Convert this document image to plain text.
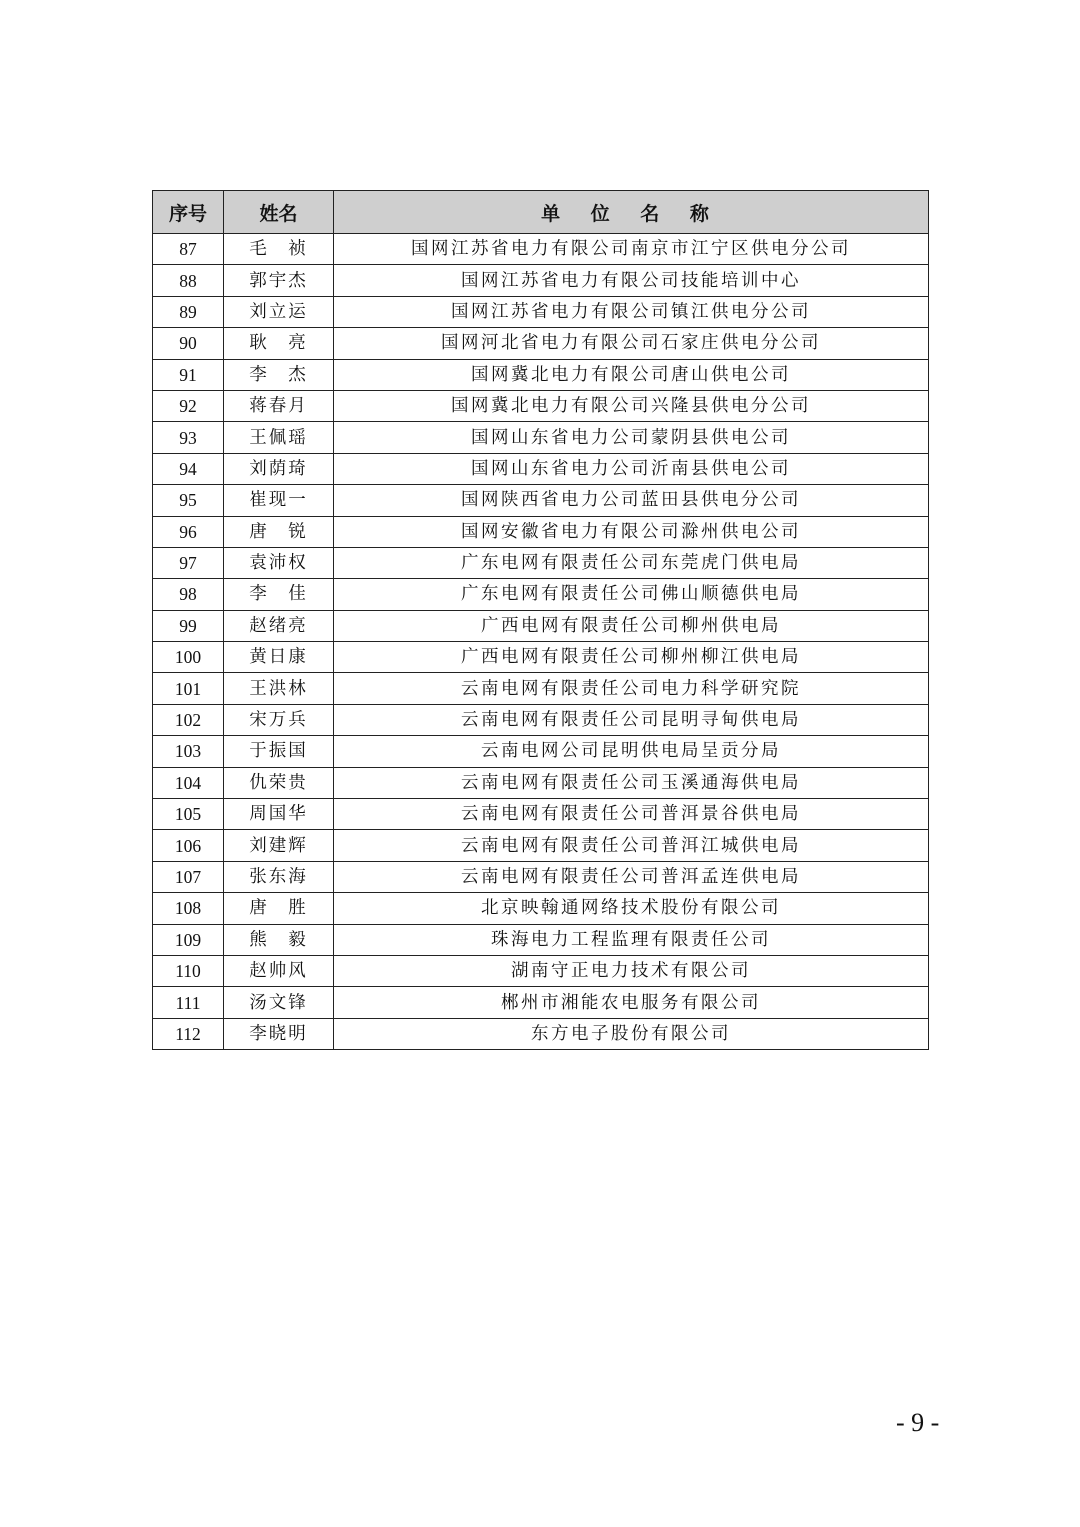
序号	姓名	单 位 名 称
87	毛　祯	国网江苏省电力有限公司南京市江宁区供电分公司
88	郭宇杰	国网江苏省电力有限公司技能培训中心
89	刘立运	国网江苏省电力有限公司镇江供电分公司
90	耿　亮	国网河北省电力有限公司石家庄供电分公司
91	李　杰	国网冀北电力有限公司唐山供电公司
92	蒋春月	国网冀北电力有限公司兴隆县供电分公司
93	王佩瑶	国网山东省电力公司蒙阴县供电公司
94	刘荫琦	国网山东省电力公司沂南县供电公司
95	崔现一	国网陕西省电力公司蓝田县供电分公司
96	唐　锐	国网安徽省电力有限公司滁州供电公司
97	袁沛权	广东电网有限责任公司东莞虎门供电局
98	李　佳	广东电网有限责任公司佛山顺德供电局
99	赵绪亮	广西电网有限责任公司柳州供电局
100	黄日康	广西电网有限责任公司柳州柳江供电局
101	王洪林	云南电网有限责任公司电力科学研究院
102	宋万兵	云南电网有限责任公司昆明寻甸供电局
103	于振国	云南电网公司昆明供电局呈贡分局
104	仇荣贵	云南电网有限责任公司玉溪通海供电局
105	周国华	云南电网有限责任公司普洱景谷供电局
106	刘建辉	云南电网有限责任公司普洱江城供电局
107	张东海	云南电网有限责任公司普洱孟连供电局
108	唐　胜	北京映翰通网络技术股份有限公司
109	熊　毅	珠海电力工程监理有限责任公司
110	赵帅风	湖南守正电力技术有限公司
111	汤文锋	郴州市湘能农电服务有限公司
112	李晓明	东方电子股份有限公司
- 9 -
